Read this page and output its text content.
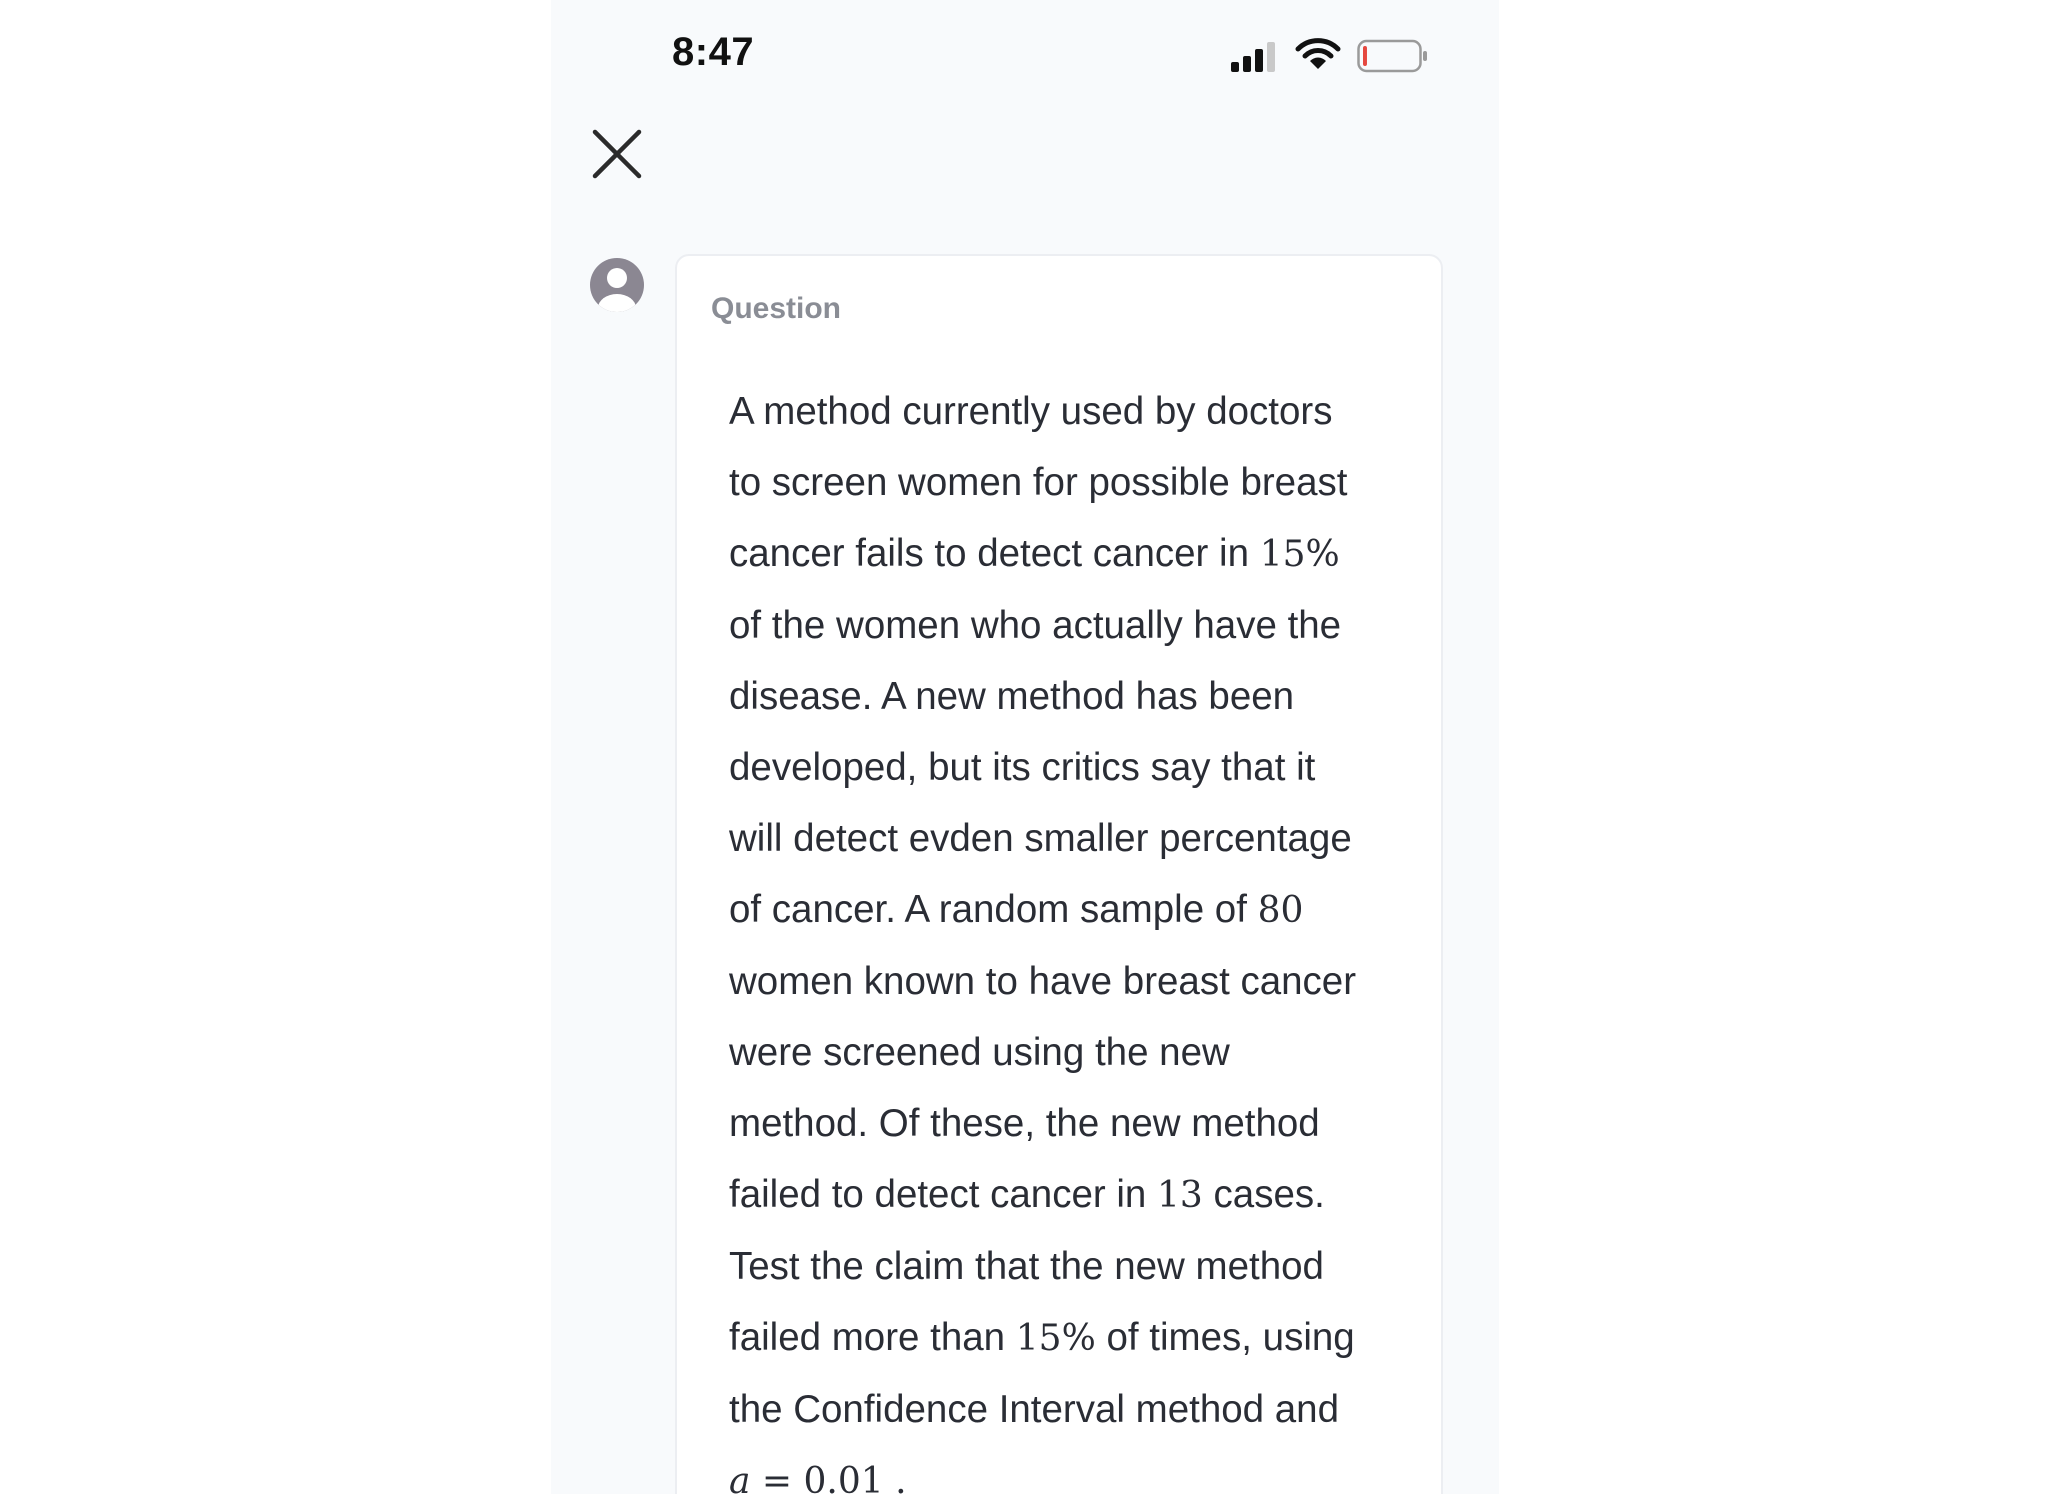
8:47
Question
A method currently used by doctors
to screen women for possible breast
cancer fails to detect cancer in 15%
of the women who actually have the
disease. A new method has been
developed, but its critics say that it
will detect evden smaller percentage
of cancer. A random sample of 80
women known to have breast cancer
were screened using the new
method. Of these, the new method
failed to detect cancer in 13 cases.
Test the claim that the new method
failed more than 15% of times, using
the Confidence Interval method and
a = 0.01 .
